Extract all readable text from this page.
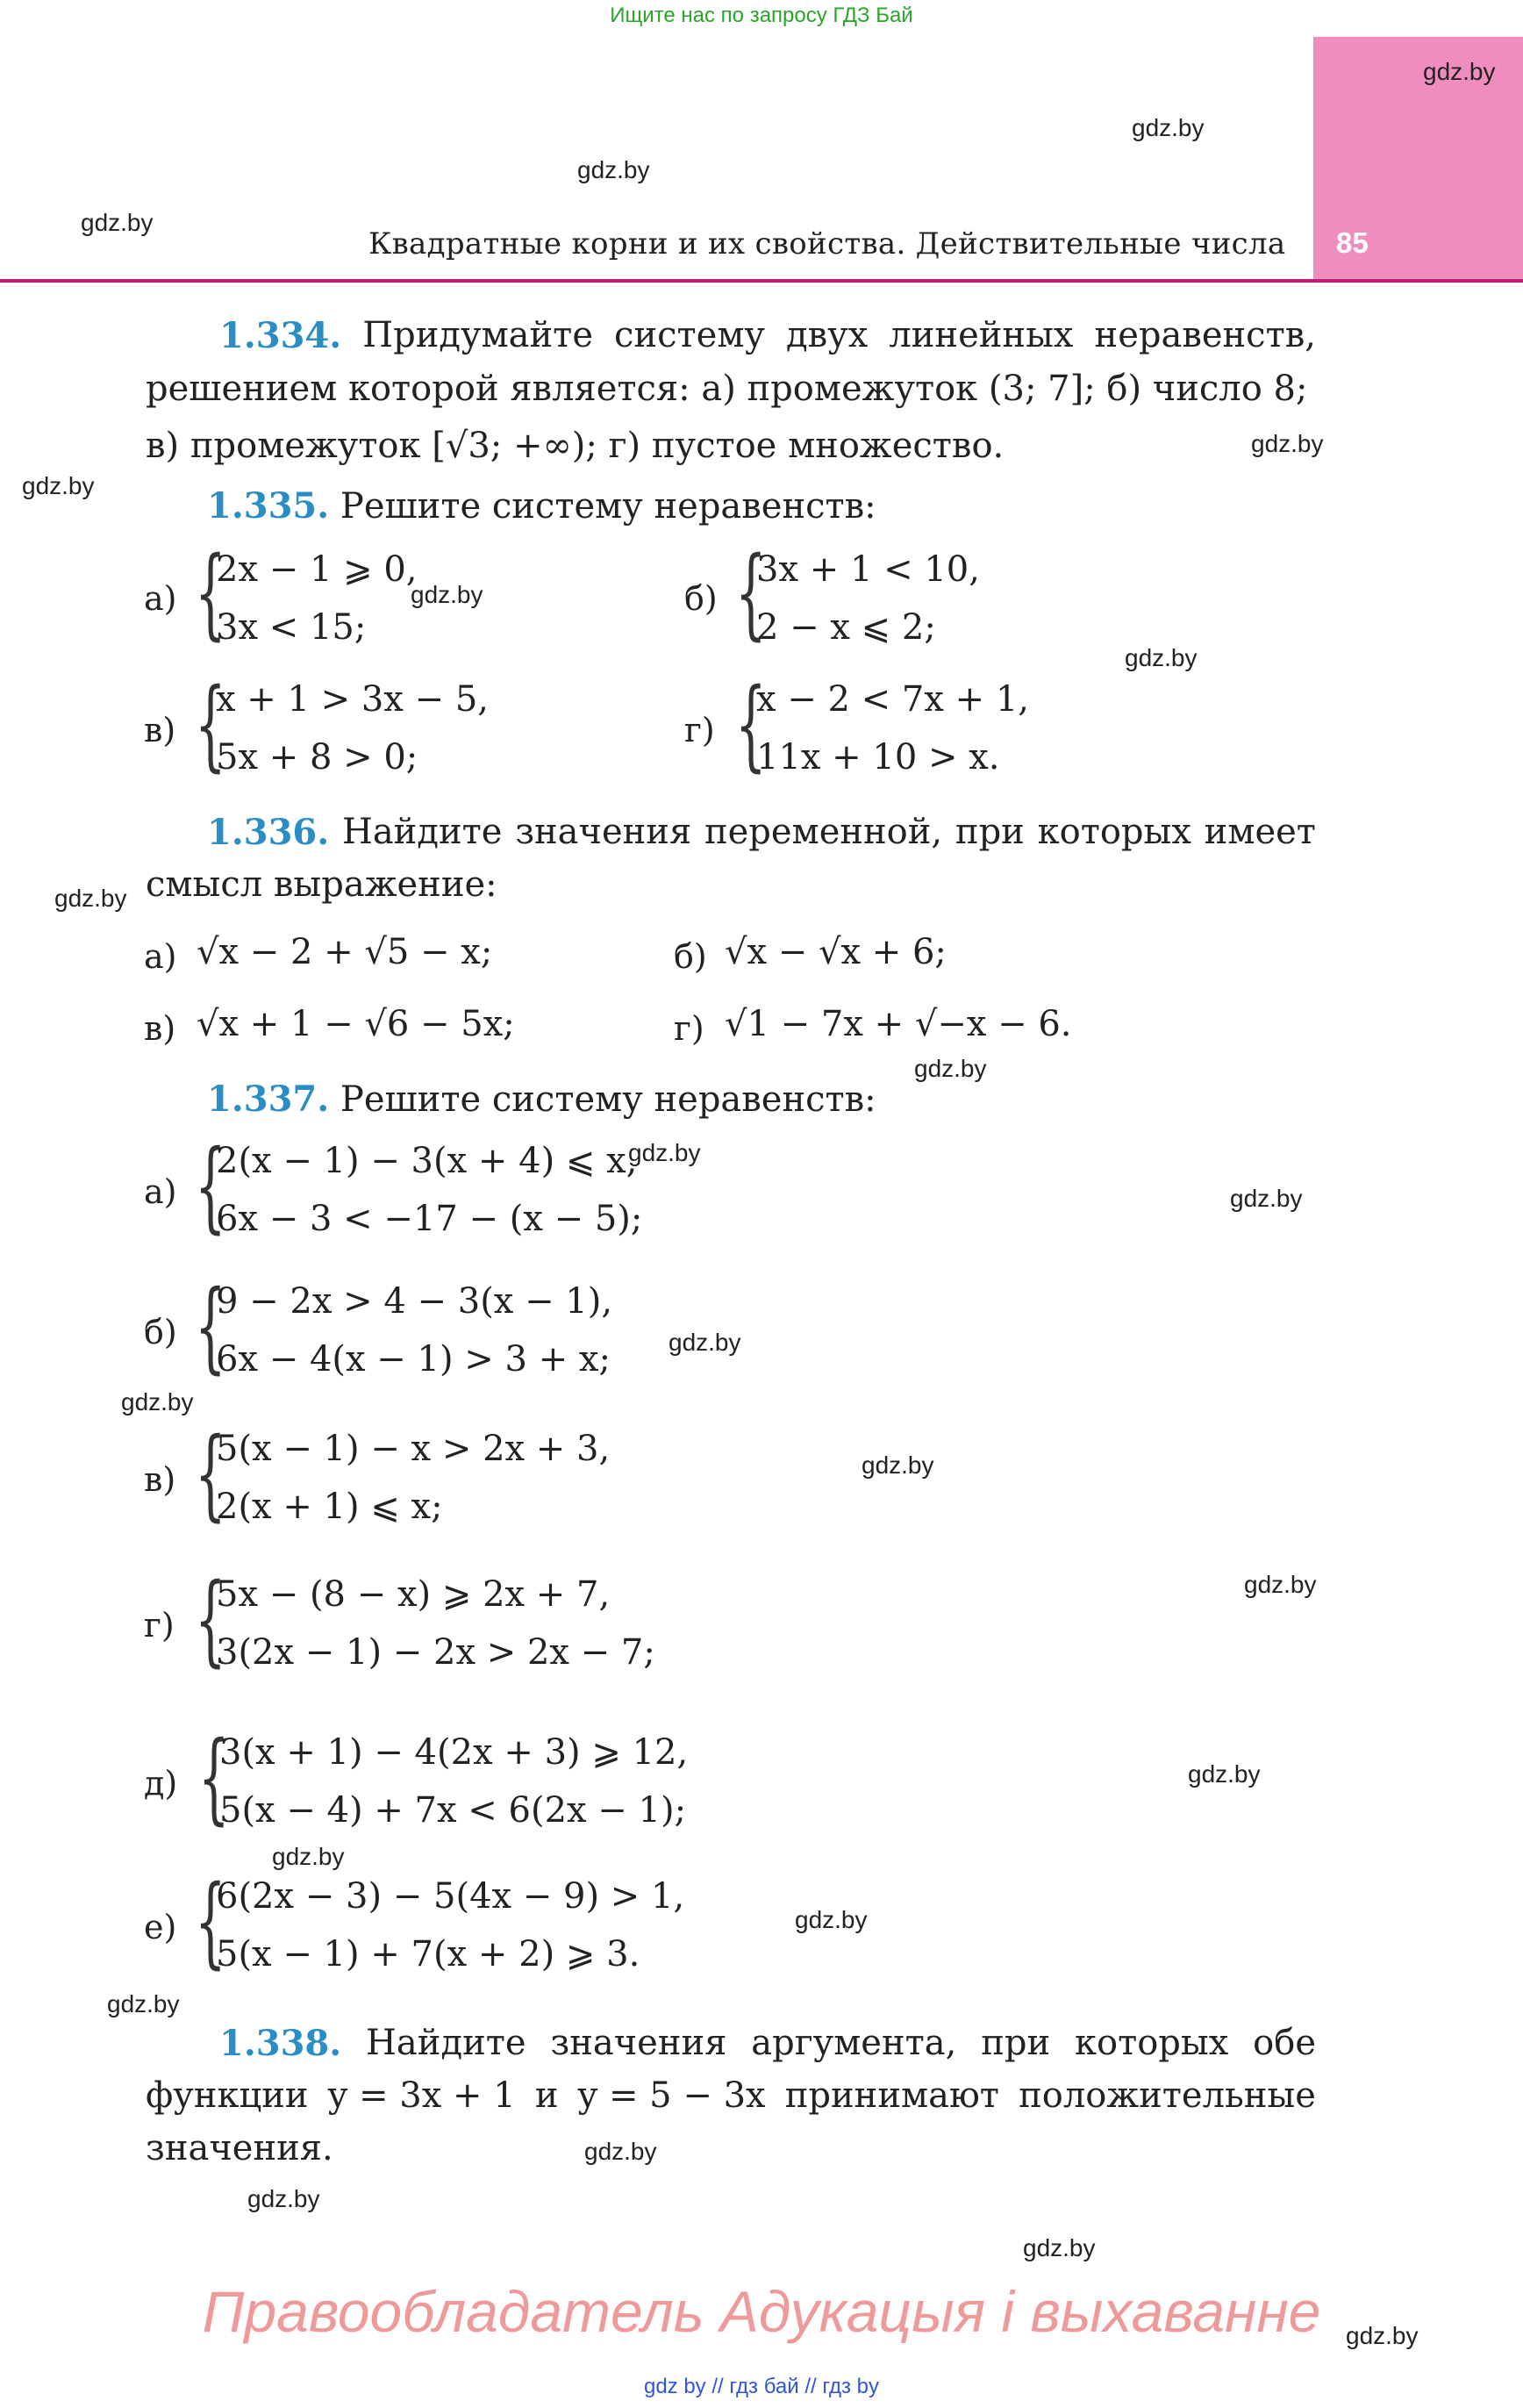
Ищите нас по запросу ГДЗ Бай
85
Квадратные корни и их свойства. Действительные числа
gdz.by
gdz.by
gdz.by
gdz.by
gdz.by
gdz.by
gdz.by
gdz.by
gdz.by
gdz.by
gdz.by
gdz.by
gdz.by
gdz.by
gdz.by
gdz.by
gdz.by
gdz.by
gdz.by
gdz.by
gdz.by
gdz.by
gdz.by
gdz.by
1.334. Придумайте систему двух линейных неравенств,
решением которой является: а) промежуток (3; 7]; б) число 8;
в) промежуток [√3; +∞); г) пустое множество.
1.335. Решите систему неравенств:
а) {
2x − 1 ⩾ 0,
3x < 15;
б) {
3x + 1 < 10,
2 − x ⩽ 2;
в) {
x + 1 > 3x − 5,
5x + 8 > 0;
г) {
x − 2 < 7x + 1,
11x + 10 > x.
1.336. Найдите значения переменной, при которых имеет
смысл выражение:
а) √x − 2 + √5 − x;	б) √x − √x + 6;
в) √x + 1 − √6 − 5x;	г) √1 − 7x + √−x − 6.
1.337. Решите систему неравенств:
а) {
2(x − 1) − 3(x + 4) ⩽ x,
6x − 3 < −17 − (x − 5);
б) {
9 − 2x > 4 − 3(x − 1),
6x − 4(x − 1) > 3 + x;
в) {
5(x − 1) − x > 2x + 3,
2(x + 1) ⩽ x;
г) {
5x − (8 − x) ⩾ 2x + 7,
3(2x − 1) − 2x > 2x − 7;
д) {
3(x + 1) − 4(2x + 3) ⩾ 12,
5(x − 4) + 7x < 6(2x − 1);
е) {
6(2x − 3) − 5(4x − 9) > 1,
5(x − 1) + 7(x + 2) ⩾ 3.
1.338. Найдите значения аргумента, при которых обе
функции y = 3x + 1 и y = 5 − 3x принимают положительные
значения.
Правообладатель Адукацыя і выхаванне
gdz by // гдз бай // гдз by
